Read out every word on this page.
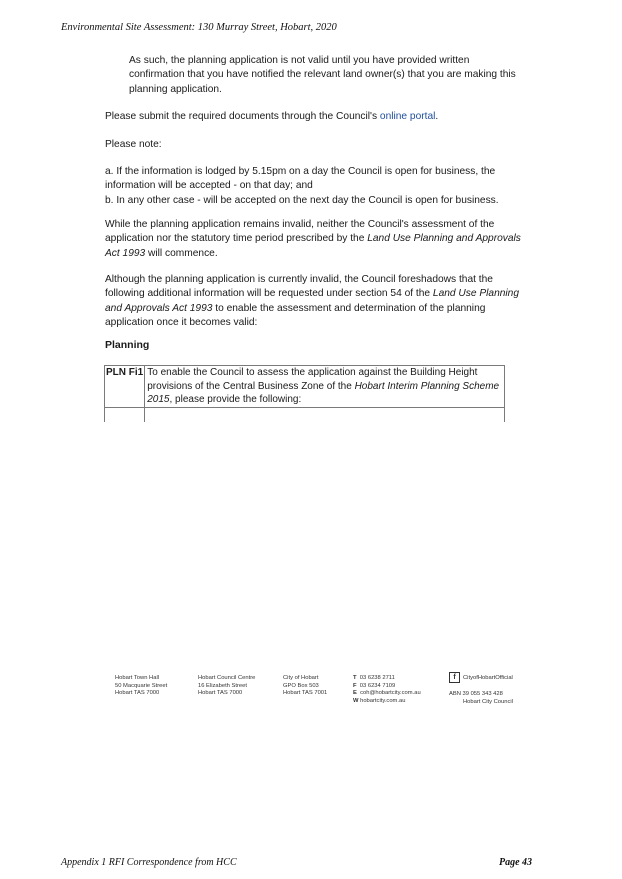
Environmental Site Assessment: 130 Murray Street, Hobart, 2020
As such, the planning application is not valid until you have provided written confirmation that you have notified the relevant land owner(s) that you are making this planning application.
Please submit the required documents through the Council's online portal.
Please note:

a. If the information is lodged by 5.15pm on a day the Council is open for business, the information will be accepted - on that day; and

b. In any other case - will be accepted on the next day the Council is open for business.

While the planning application remains invalid, neither the Council's assessment of the application nor the statutory time period prescribed by the Land Use Planning and Approvals Act 1993 will commence.
Although the planning application is currently invalid, the Council foreshadows that the following additional information will be requested under section 54 of the Land Use Planning and Approvals Act 1993 to enable the assessment and determination of the planning application once it becomes valid:
Planning
PLN Fi1	To enable the Council to assess the application against the Building Height provisions of the Central Business Zone of the Hobart Interim Planning Scheme 2015, please provide the following:

Hobart Town Hall
50 Macquarie Street
Hobart TAS 7000
Hobart Council Centre
16 Elizabeth Street
Hobart TAS 7000
City of Hobart
GPO Box 503
Hobart TAS 7001
T 03 6238 2711
F 03 6234 7109
E coh@hobartcity.com.au
W hobartcity.com.au
f CityofHobartOfficial
ABN 39 055 343 428
Hobart City Council
Appendix 1 RFI Correspondence from HCC	Page 43
